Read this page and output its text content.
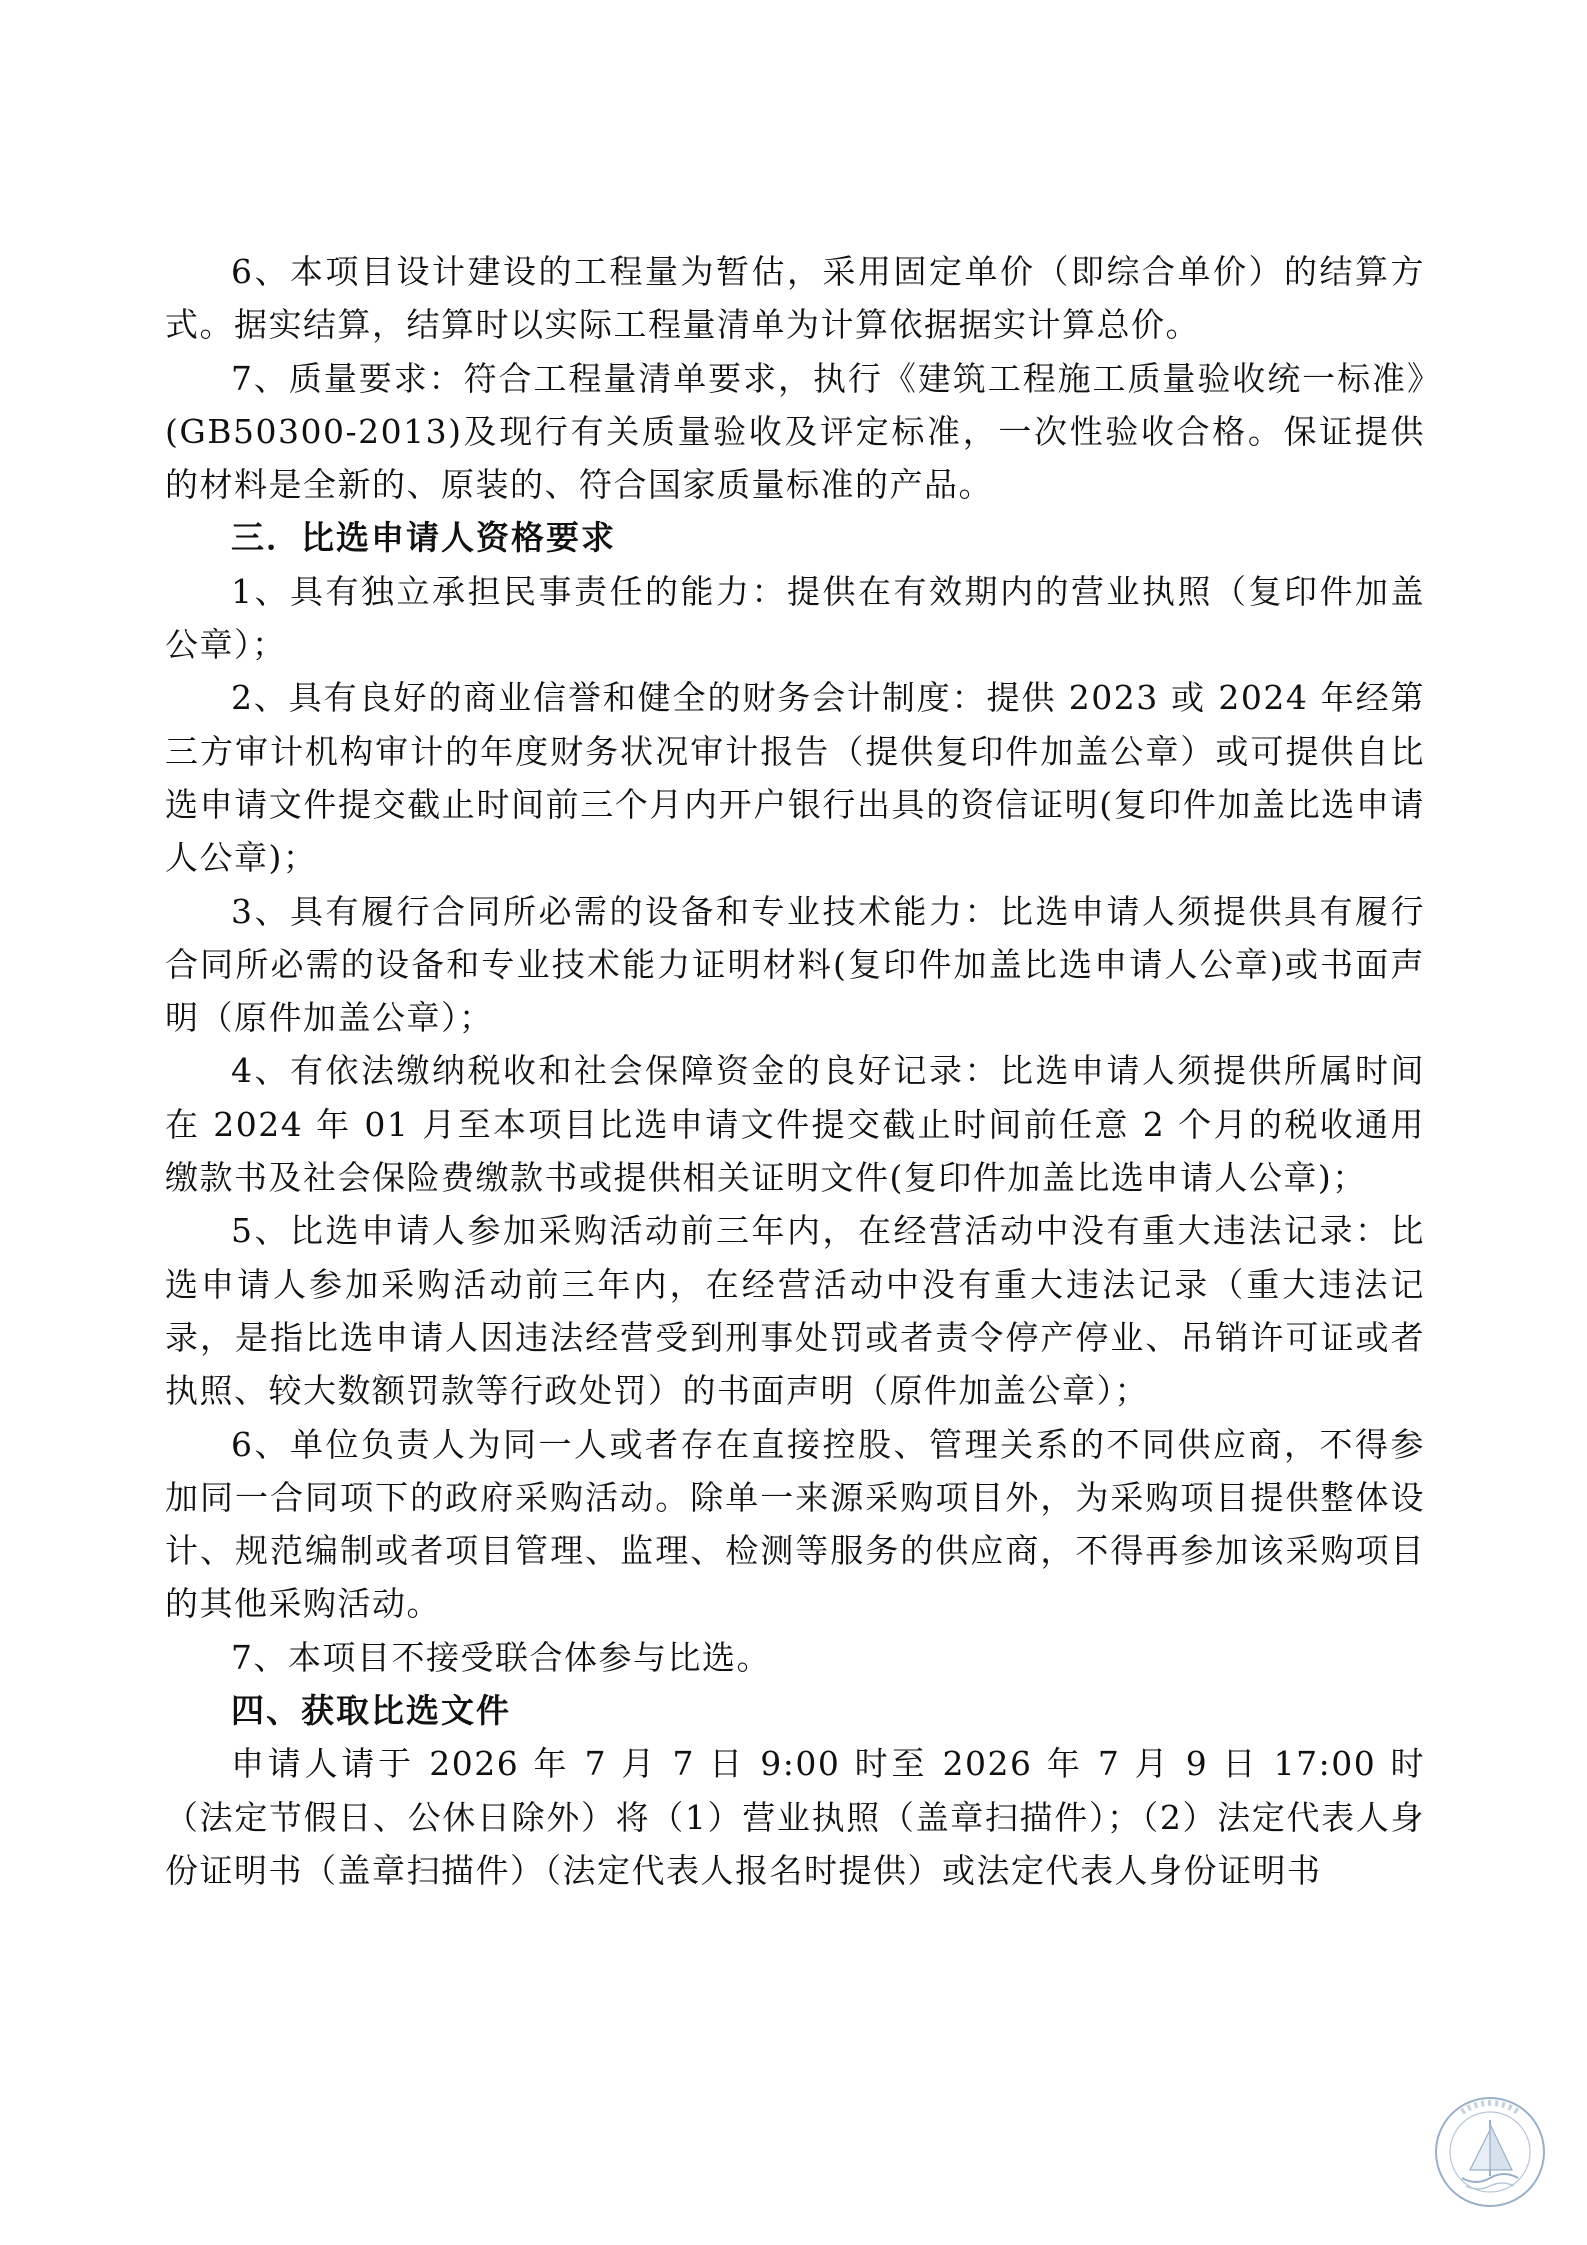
6、本项目设计建设的工程量为暂估，采用固定单价（即综合单价）的结算方式。据实结算，结算时以实际工程量清单为计算依据据实计算总价。

7、质量要求：符合工程量清单要求，执行《建筑工程施工质量验收统一标准》(GB50300-2013)及现行有关质量验收及评定标准，一次性验收合格。保证提供的材料是全新的、原装的、符合国家质量标准的产品。

三．比选申请人资格要求

1、具有独立承担民事责任的能力：提供在有效期内的营业执照（复印件加盖公章）；

2、具有良好的商业信誉和健全的财务会计制度：提供 2023 或 2024 年经第三方审计机构审计的年度财务状况审计报告（提供复印件加盖公章）或可提供自比选申请文件提交截止时间前三个月内开户银行出具的资信证明(复印件加盖比选申请人公章)；

3、具有履行合同所必需的设备和专业技术能力：比选申请人须提供具有履行合同所必需的设备和专业技术能力证明材料(复印件加盖比选申请人公章)或书面声明（原件加盖公章）；

4、有依法缴纳税收和社会保障资金的良好记录：比选申请人须提供所属时间在 2024 年 01 月至本项目比选申请文件提交截止时间前任意 2 个月的税收通用缴款书及社会保险费缴款书或提供相关证明文件(复印件加盖比选申请人公章)；

5、比选申请人参加采购活动前三年内，在经营活动中没有重大违法记录：比选申请人参加采购活动前三年内，在经营活动中没有重大违法记录（重大违法记录，是指比选申请人因违法经营受到刑事处罚或者责令停产停业、吊销许可证或者执照、较大数额罚款等行政处罚）的书面声明（原件加盖公章）；

6、单位负责人为同一人或者存在直接控股、管理关系的不同供应商，不得参加同一合同项下的政府采购活动。除单一来源采购项目外，为采购项目提供整体设计、规范编制或者项目管理、监理、检测等服务的供应商，不得再参加该采购项目的其他采购活动。

7、本项目不接受联合体参与比选。

四、获取比选文件

申请人请于 2026 年 7 月 7 日 9:00 时至 2026 年 7 月 9 日 17:00 时（法定节假日、公休日除外）将（1）营业执照（盖章扫描件）；（2）法定代表人身份证明书（盖章扫描件）（法定代表人报名时提供）或法定代表人身份证明书
